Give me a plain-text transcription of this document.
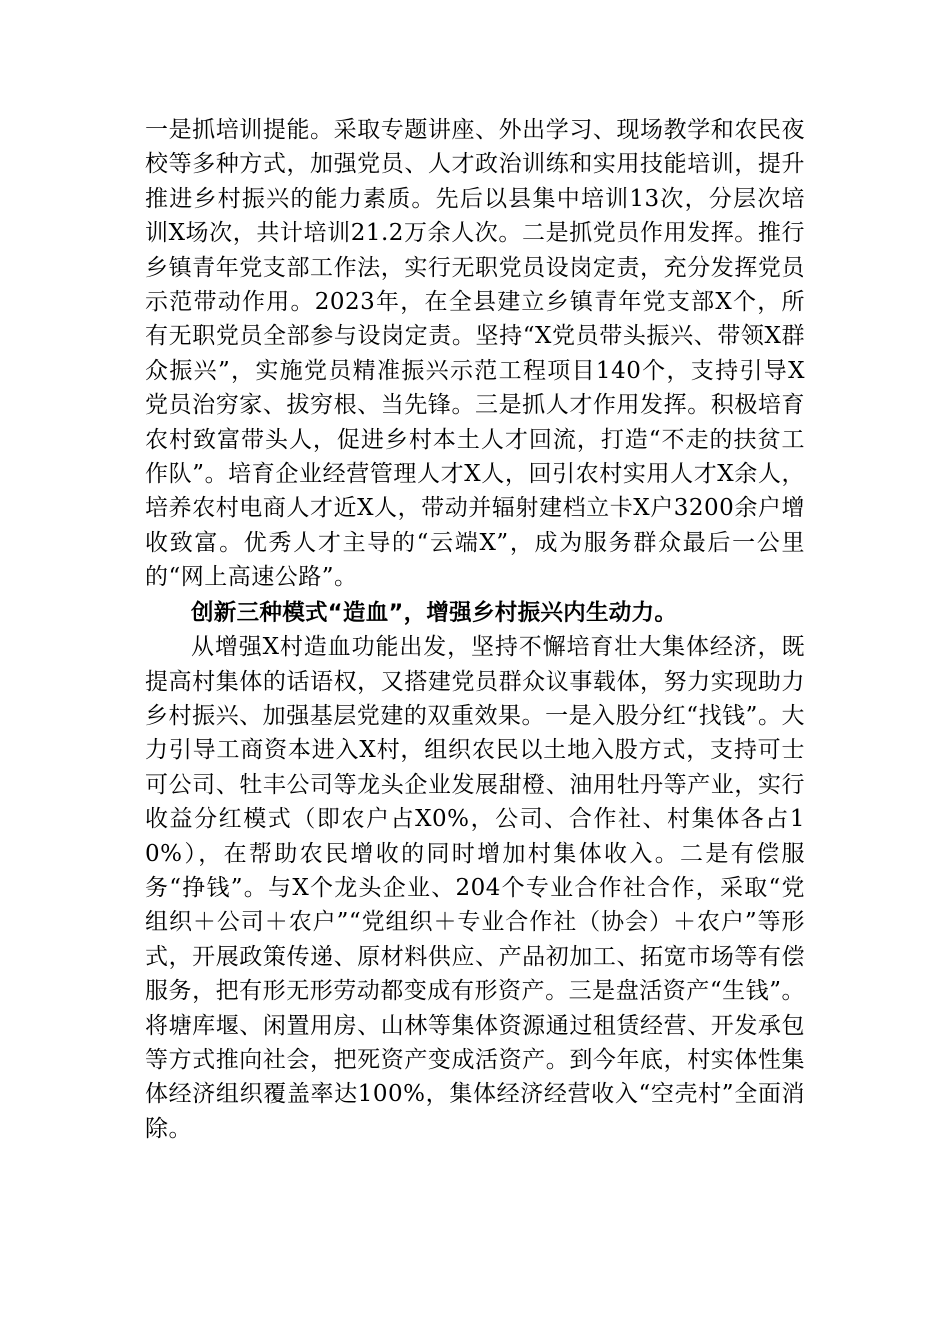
一是抓培训提能。采取专题讲座、外出学习、现场教学和农民夜校等多种方式，加强党员、人才政治训练和实用技能培训，提升推进乡村振兴的能力素质。先后以县集中培训13次，分层次培训X场次，共计培训21.2万余人次。二是抓党员作用发挥。推行乡镇青年党支部工作法，实行无职党员设岗定责，充分发挥党员示范带动作用。2023年，在全县建立乡镇青年党支部X个，所有无职党员全部参与设岗定责。坚持“X党员带头振兴、带领X群众振兴”，实施党员精准振兴示范工程项目140个，支持引导X党员治穷家、拔穷根、当先锋。三是抓人才作用发挥。积极培育农村致富带头人，促进乡村本土人才回流，打造“不走的扶贫工作队”。培育企业经营管理人才X人，回引农村实用人才X余人，培养农村电商人才近X人，带动并辐射建档立卡X户3200余户增收致富。优秀人才主导的“云端X”，成为服务群众最后一公里的“网上高速公路”。

创新三种模式“造血”，增强乡村振兴内生动力。

从增强X村造血功能出发，坚持不懈培育壮大集体经济，既提高村集体的话语权，又搭建党员群众议事载体，努力实现助力乡村振兴、加强基层党建的双重效果。一是入股分红“找钱”。大力引导工商资本进入X村，组织农民以土地入股方式，支持可士可公司、牡丰公司等龙头企业发展甜橙、油用牡丹等产业，实行收益分红模式（即农户占X0%，公司、合作社、村集体各占10%），在帮助农民增收的同时增加村集体收入。二是有偿服务“挣钱”。与X个龙头企业、204个专业合作社合作，采取“党组织＋公司＋农户”“党组织＋专业合作社（协会）＋农户”等形式，开展政策传递、原材料供应、产品初加工、拓宽市场等有偿服务，把有形无形劳动都变成有形资产。三是盘活资产“生钱”。将塘库堰、闲置用房、山林等集体资源通过租赁经营、开发承包等方式推向社会，把死资产变成活资产。到今年底，村实体性集体经济组织覆盖率达100%，集体经济经营收入“空壳村”全面消除。
